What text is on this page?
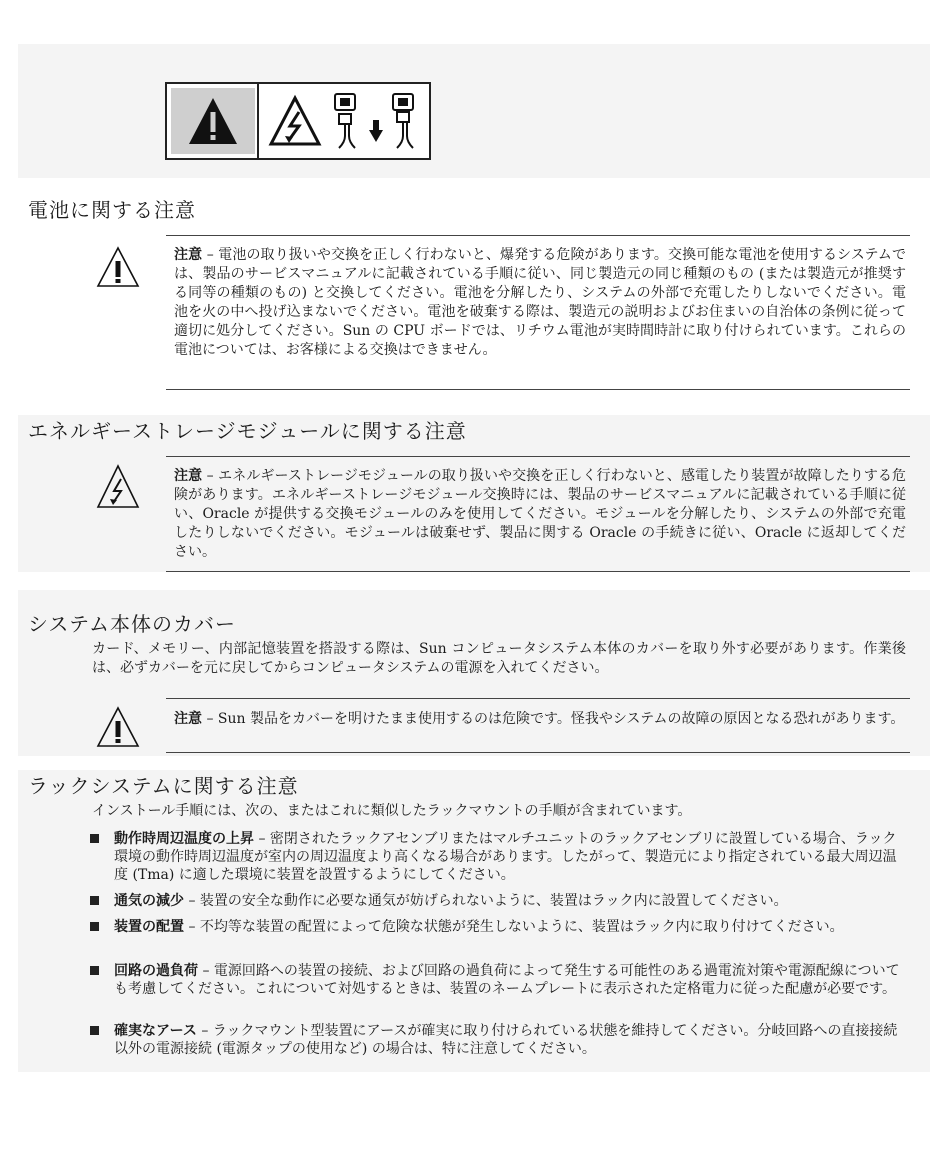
電池に関する注意
注意 – 電池の取り扱いや交換を正しく行わないと、爆発する危険があります。交換可能な電池を使用するシステムでは、製品のサービスマニュアルに記載されている手順に従い、同じ製造元の同じ種類のもの (または製造元が推奨する同等の種類のもの) と交換してください。電池を分解したり、システムの外部で充電したりしないでください。電池を火の中へ投げ込まないでください。電池を破棄する際は、製造元の説明およびお住まいの自治体の条例に従って適切に処分してください。Sun の CPU ボードでは、リチウム電池が実時間時計に取り付けられています。これらの電池については、お客様による交換はできません。
エネルギーストレージモジュールに関する注意
注意 – エネルギーストレージモジュールの取り扱いや交換を正しく行わないと、感電したり装置が故障したりする危険があります。エネルギーストレージモジュール交換時には、製品のサービスマニュアルに記載されている手順に従い、Oracle が提供する交換モジュールのみを使用してください。モジュールを分解したり、システムの外部で充電したりしないでください。モジュールは破棄せず、製品に関する Oracle の手続きに従い、Oracle に返却してください。
システム本体のカバー
カード、メモリー、内部記憶装置を搭設する際は、Sun コンピュータシステム本体のカバーを取り外す必要があります。作業後は、必ずカバーを元に戻してからコンピュータシステムの電源を入れてください。
注意 – Sun 製品をカバーを明けたまま使用するのは危険です。怪我やシステムの故障の原因となる恐れがあります。
ラックシステムに関する注意
インストール手順には、次の、またはこれに類似したラックマウントの手順が含まれています。
動作時周辺温度の上昇 – 密閉されたラックアセンブリまたはマルチユニットのラックアセンブリに設置している場合、ラック環境の動作時周辺温度が室内の周辺温度より高くなる場合があります。したがって、製造元により指定されている最大周辺温度 (Tma) に適した環境に装置を設置するようにしてください。
通気の減少 – 装置の安全な動作に必要な通気が妨げられないように、装置はラック内に設置してください。
装置の配置 – 不均等な装置の配置によって危険な状態が発生しないように、装置はラック内に取り付けてください。
回路の過負荷 – 電源回路への装置の接続、および回路の過負荷によって発生する可能性のある過電流対策や電源配線についても考慮してください。これについて対処するときは、装置のネームプレートに表示された定格電力に従った配慮が必要です。
確実なアース – ラックマウント型装置にアースが確実に取り付けられている状態を維持してください。分岐回路への直接接続以外の電源接続 (電源タップの使用など) の場合は、特に注意してください。
